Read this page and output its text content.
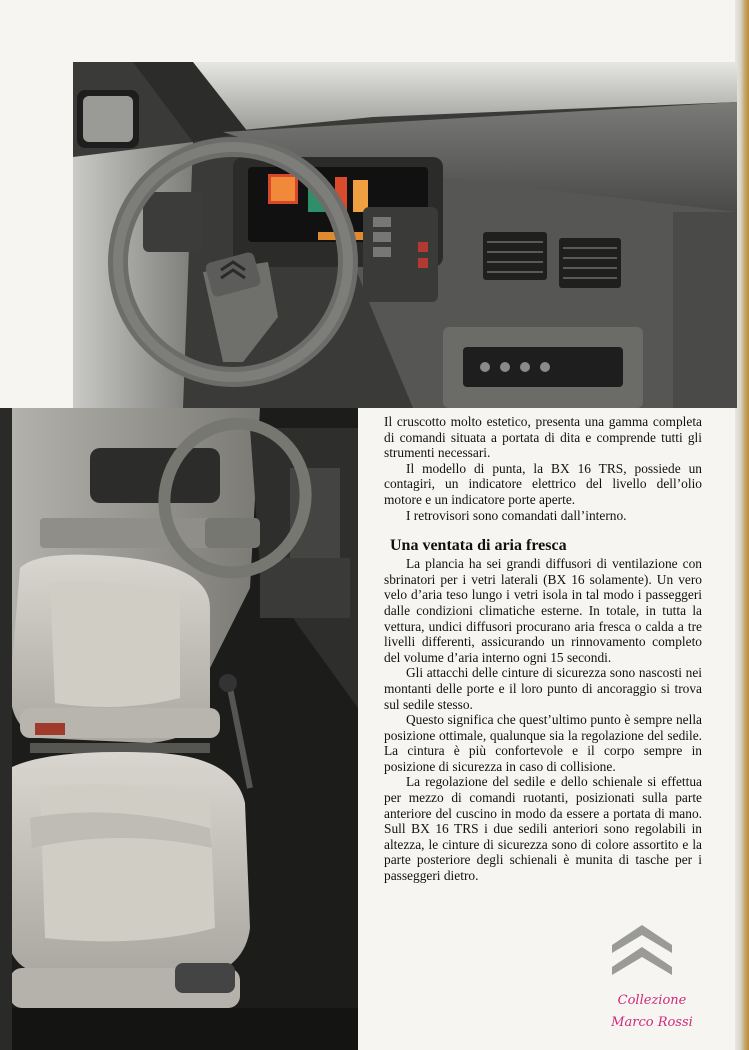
Il cruscotto molto estetico, presenta una gamma completa di comandi situata a portata di dita e comprende tutti gli strumenti necessari.

Il modello di punta, la BX 16 TRS, possiede un contagiri, un indicatore elettrico del livello dell’olio motore e un indicatore porte aperte.

I retrovisori sono comandati dall’interno.

Una ventata di aria fresca

La plancia ha sei grandi diffusori di ventilazione con sbrinatori per i vetri laterali (BX 16 solamente). Un vero velo d’aria teso lungo i vetri isola in tal modo i passeggeri dalle condizioni climatiche esterne. In totale, in tutta la vettura, undici diffusori procurano aria fresca o calda a tre livelli differenti, assicurando un rinnovamento completo del volume d’aria interno ogni 15 secondi.

Gli attacchi delle cinture di sicurezza sono nascosti nei montanti delle porte e il loro punto di ancoraggio si trova sul sedile stesso.

Questo significa che quest’ultimo punto è sempre nella posizione ottimale, qualunque sia la regolazione del sedile. La cintura è più confortevole e il corpo sempre in posizione di sicurezza in caso di collisione.

La regolazione del sedile e dello schienale si effettua per mezzo di comandi ruotanti, posizionati sulla parte anteriore del cuscino in modo da essere a portata di mano. Sull BX 16 TRS i due sedili anteriori sono regolabili in altezza, le cinture di sicurezza sono di colore assortito e la parte posteriore degli schienali è munita di tasche per i passeggeri dietro.

Collezione
Marco Rossi
